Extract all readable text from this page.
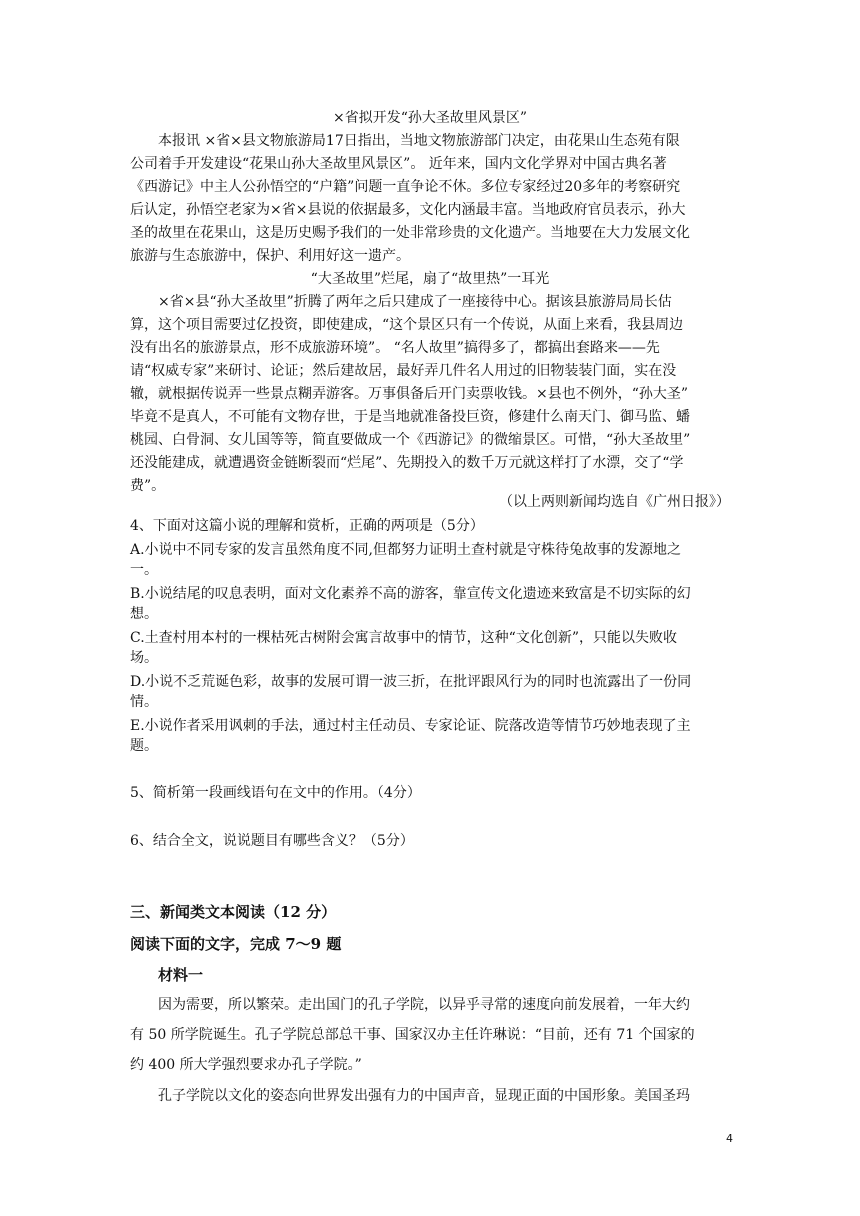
×省拟开发“孙大圣故里风景区”
本报讯 ×省×县文物旅游局17日指出，当地文物旅游部门决定，由花果山生态苑有限
公司着手开发建设“花果山孙大圣故里风景区”。 近年来，国内文化学界对中国古典名著
《西游记》中主人公孙悟空的“户籍”问题一直争论不休。多位专家经过20多年的考察研究
后认定，孙悟空老家为×省×县说的依据最多，文化内涵最丰富。当地政府官员表示，孙大
圣的故里在花果山，这是历史赐予我们的一处非常珍贵的文化遗产。当地要在大力发展文化
旅游与生态旅游中，保护、利用好这一遗产。
“大圣故里”烂尾，扇了“故里热”一耳光
×省×县“孙大圣故里”折腾了两年之后只建成了一座接待中心。据该县旅游局局长估
算，这个项目需要过亿投资，即使建成，“这个景区只有一个传说，从面上来看，我县周边
没有出名的旅游景点，形不成旅游环境”。 “名人故里”搞得多了，都搞出套路来——先
请“权威专家”来研讨、论证；然后建故居，最好弄几件名人用过的旧物装装门面，实在没
辙，就根据传说弄一些景点糊弄游客。万事俱备后开门卖票收钱。×县也不例外，“孙大圣”
毕竟不是真人，不可能有文物存世，于是当地就准备投巨资，修建什么南天门、御马监、蟠
桃园、白骨洞、女儿国等等，简直要做成一个《西游记》的微缩景区。可惜，“孙大圣故里”
还没能建成，就遭遇资金链断裂而“烂尾”、先期投入的数千万元就这样打了水漂，交了“学
费”。
（以上两则新闻均选自《广州日报》）
4、下面对这篇小说的理解和赏析，正确的两项是（5分）
A.小说中不同专家的发言虽然角度不同,但都努力证明土查村就是守株待兔故事的发源地之
一。
B.小说结尾的叹息表明，面对文化素养不高的游客，靠宣传文化遗迹来致富是不切实际的幻
想。
C.土查村用本村的一棵枯死古树附会寓言故事中的情节，这种“文化创新”，只能以失败收
场。
D.小说不乏荒诞色彩，故事的发展可谓一波三折，在批评跟风行为的同时也流露出了一份同
情。
E.小说作者采用讽刺的手法，通过村主任动员、专家论证、院落改造等情节巧妙地表现了主
题。
5、简析第一段画线语句在文中的作用。（4分）
6、结合全文，说说题目有哪些含义？（5分）
三、新闻类文本阅读（12 分）
阅读下面的文字，完成 7～9 题
材料一
因为需要，所以繁荣。走出国门的孔子学院，以异乎寻常的速度向前发展着，一年大约
有 50 所学院诞生。孔子学院总部总干事、国家汉办主任许琳说：“目前，还有 71 个国家的
约 400 所大学强烈要求办孔子学院。”
孔子学院以文化的姿态向世界发出强有力的中国声音，显现正面的中国形象。美国圣玛
4
